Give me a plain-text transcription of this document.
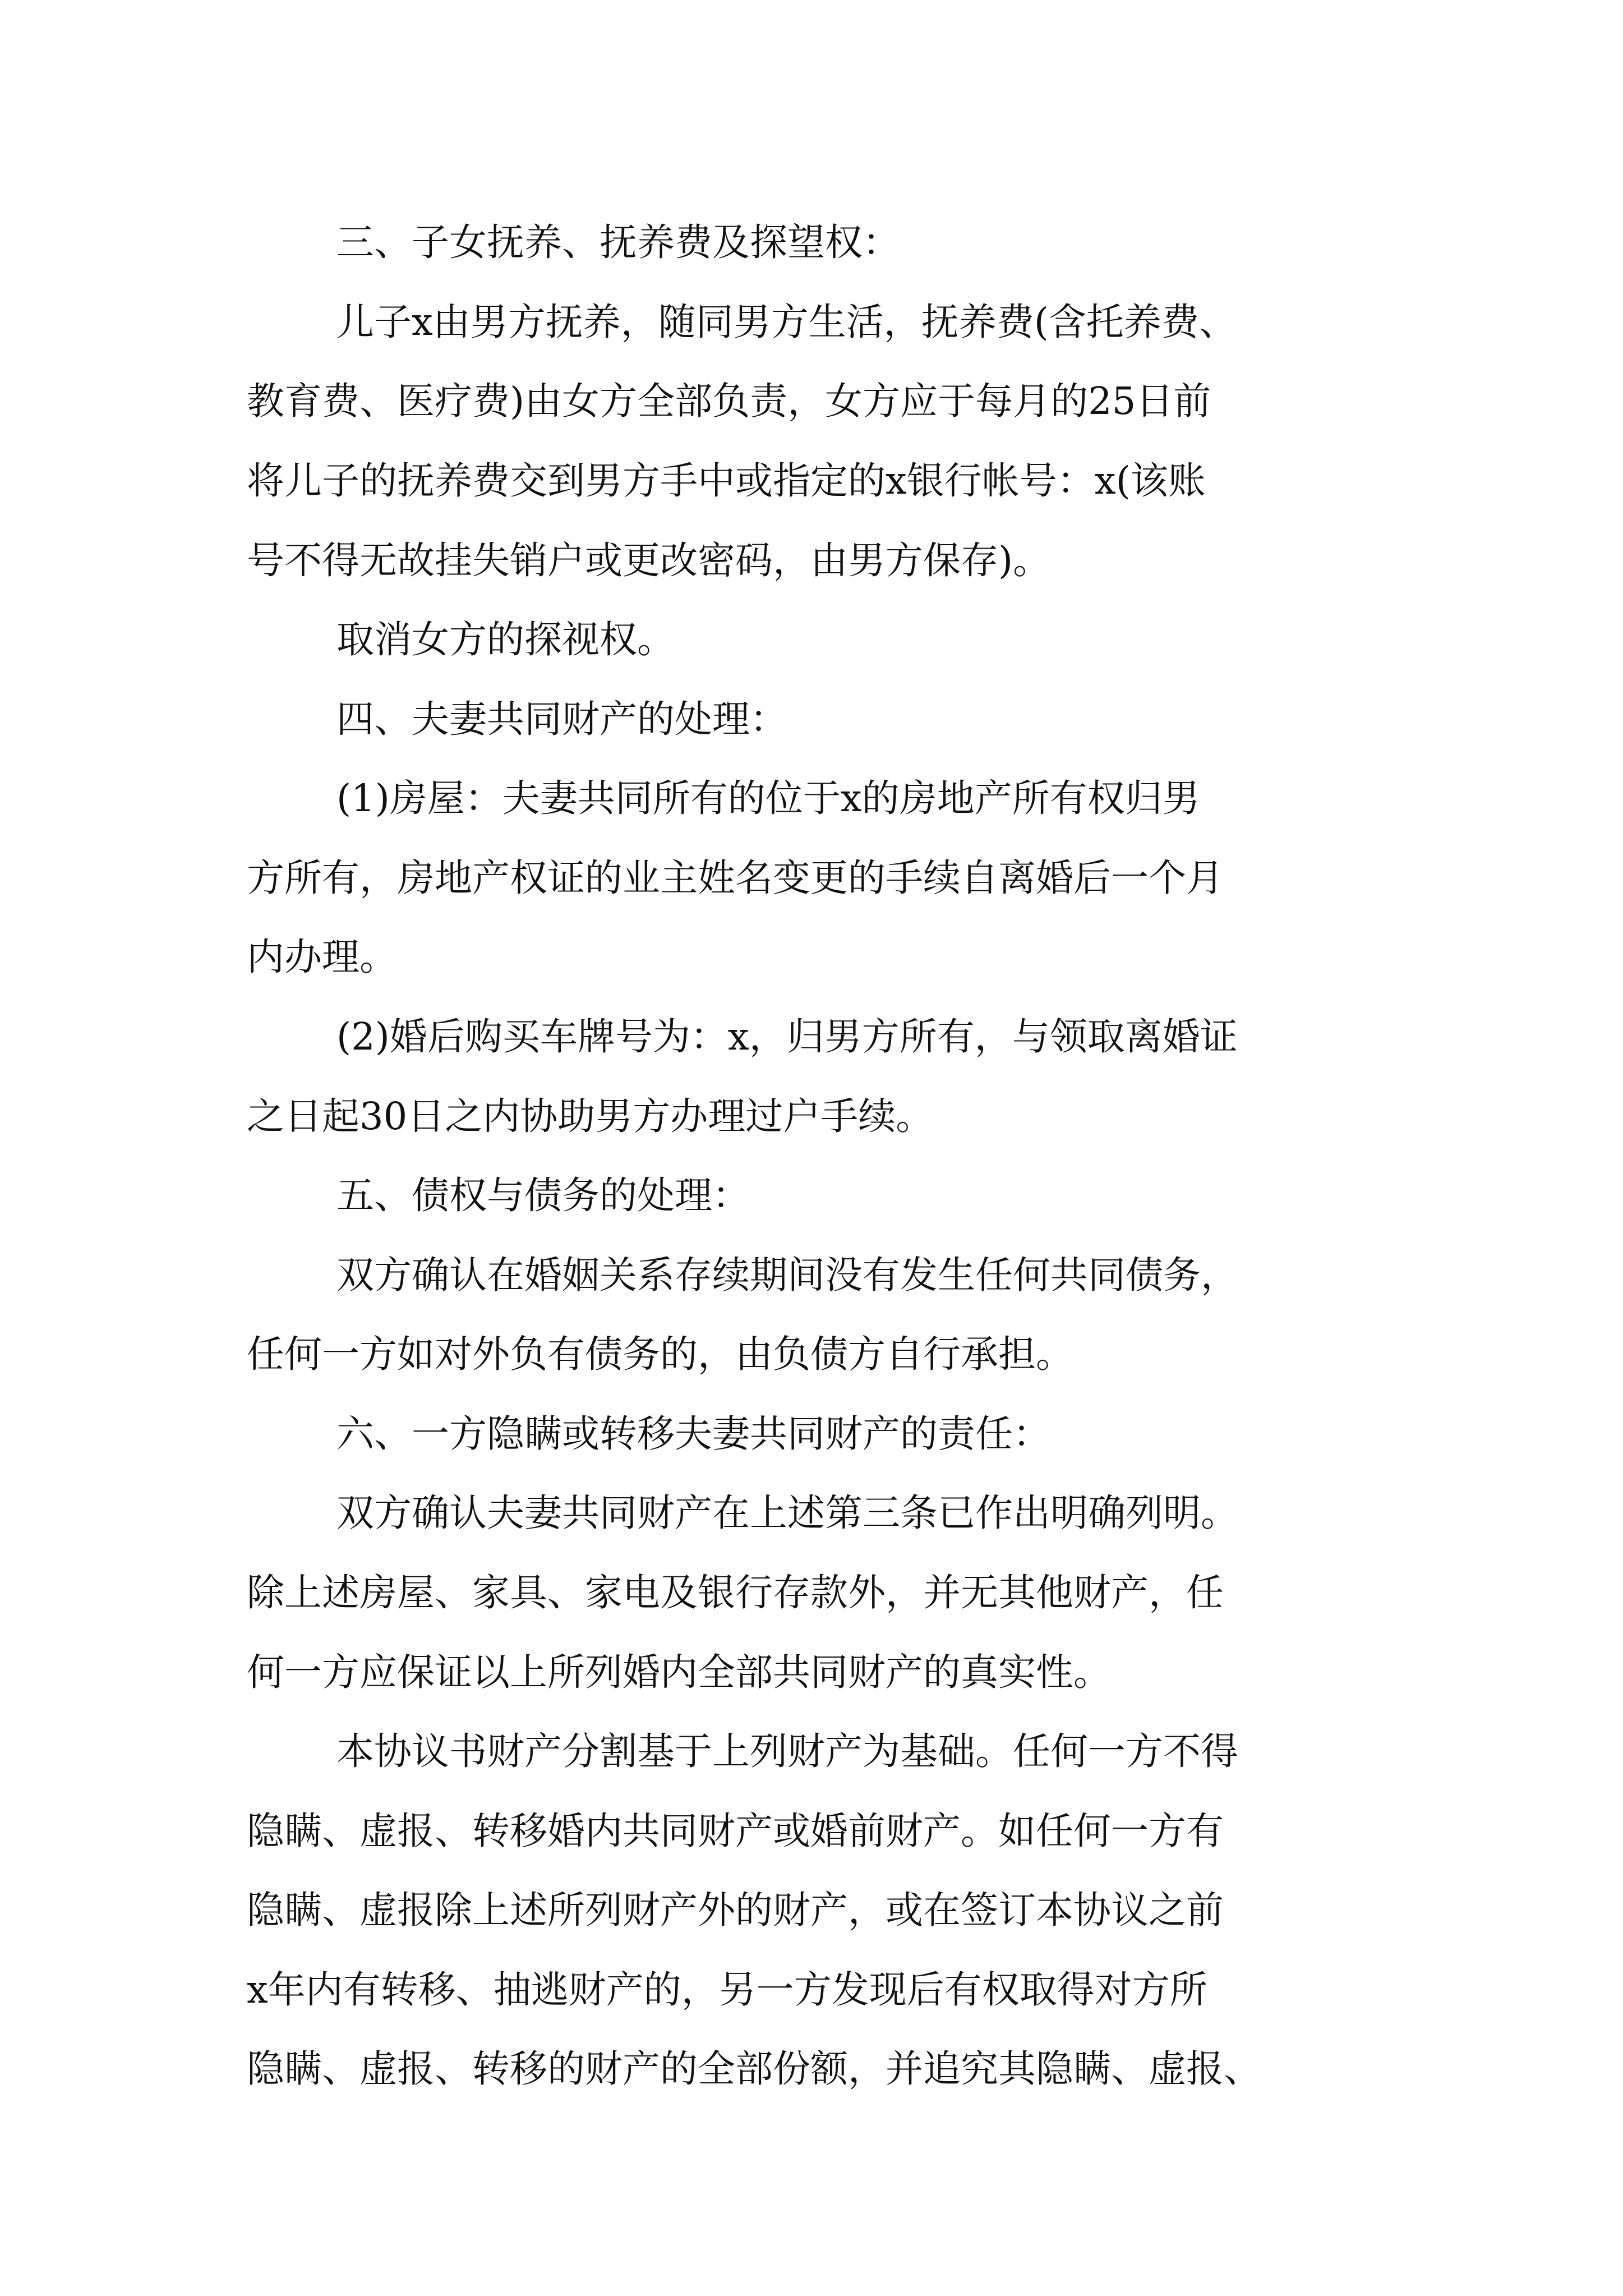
三、子女抚养、抚养费及探望权：
儿子x由男方抚养，随同男方生活，抚养费(含托养费、
教育费、医疗费)由女方全部负责，女方应于每月的25日前
将儿子的抚养费交到男方手中或指定的x银行帐号：x(该账
号不得无故挂失销户或更改密码，由男方保存)。
取消女方的探视权。
四、夫妻共同财产的处理：
(1)房屋：夫妻共同所有的位于x的房地产所有权归男
方所有，房地产权证的业主姓名变更的手续自离婚后一个月
内办理。
(2)婚后购买车牌号为：x，归男方所有，与领取离婚证
之日起30日之内协助男方办理过户手续。
五、债权与债务的处理：
双方确认在婚姻关系存续期间没有发生任何共同债务，
任何一方如对外负有债务的，由负债方自行承担。
六、一方隐瞒或转移夫妻共同财产的责任：
双方确认夫妻共同财产在上述第三条已作出明确列明。
除上述房屋、家具、家电及银行存款外，并无其他财产，任
何一方应保证以上所列婚内全部共同财产的真实性。
本协议书财产分割基于上列财产为基础。任何一方不得
隐瞒、虚报、转移婚内共同财产或婚前财产。如任何一方有
隐瞒、虚报除上述所列财产外的财产，或在签订本协议之前
x年内有转移、抽逃财产的，另一方发现后有权取得对方所
隐瞒、虚报、转移的财产的全部份额，并追究其隐瞒、虚报、
